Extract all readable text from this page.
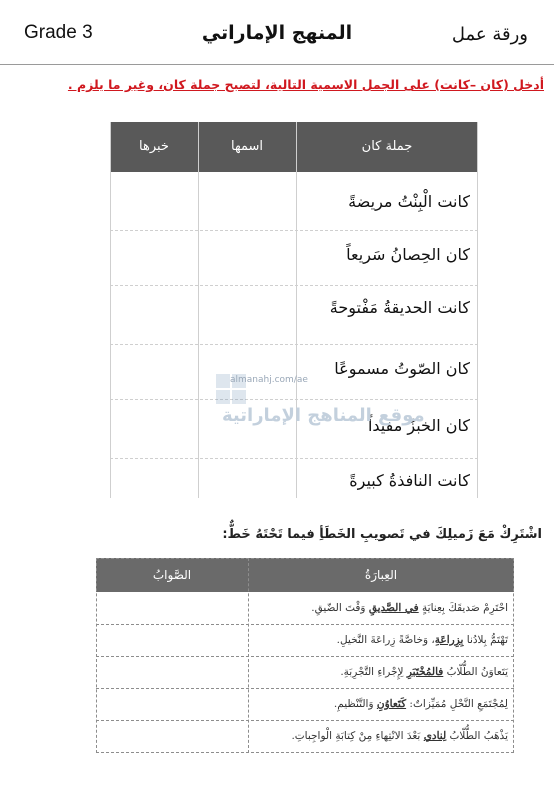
Grade 3	المنهج الإماراتي	ورقة عمل
أدخل (كان –كانت) على الجمل الاسمية التالية، لتصبح جملة كان، وغير ما يلزم .
جملة كان
اسمها
خبرها
كانت الْبِنْتُ مريضةً
كان الحِصانُ سَريعاً
كانت الحديقةُ مَفْتوحةً
كان الصّوتُ مسموعًا
كان الخبزُ مفيداً
كانت النافذةُ كبيرةً
almanahj.com/ae
موقع المناهج الإماراتية
اشْتَرِكْ مَعَ زَميلِكَ في تَصويبِ الخَطَأِ فيما تَحْتَهُ خَطٌّ:
العِبارَةُ
الصَّوابُ
احْتَرِمْ صَديقَكَ بِعِنايَةٍ في الصَّديقِ وَقْتَ الضّيقِ.
تَهْتَمُّ بِلادُنا بِزِراعَةِ، وَخاصَّةً زِراعَةَ النَّخيلِ.
يَتَعاوَنُ الطُّلّابُ فالمُخْتَبَرِ لِإِجْراءِ التَّجْرِبَةِ.
لِمُجْتَمَعِ النَّحْلِ مُمَيِّزاتٌ: كَتَعاوُنِ وَالتَّنْظيمِ.
يَذْهَبُ الطُّلّابُ لِنادي بَعْدَ الانْتِهاءِ مِنْ كِتابَةِ الْواجِباتِ.
